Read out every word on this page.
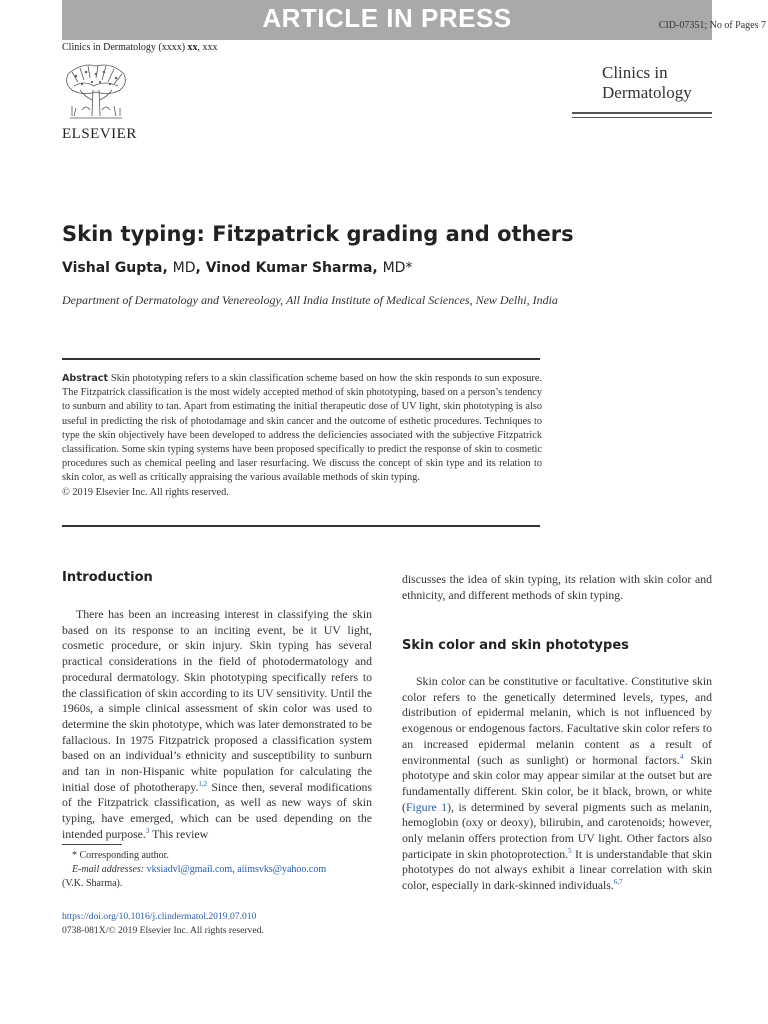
ARTICLE IN PRESS	CID-07351; No of Pages 7
Clinics in Dermatology (xxxx) xx, xxx
ELSEVIER
Clinics in
Dermatology
Skin typing: Fitzpatrick grading and others
Vishal Gupta, MD, Vinod Kumar Sharma, MD*
Department of Dermatology and Venereology, All India Institute of Medical Sciences, New Delhi, India
Abstract Skin phototyping refers to a skin classification scheme based on how the skin responds to sun exposure. The Fitzpatrick classification is the most widely accepted method of skin phototyping, based on a person’s tendency to sunburn and ability to tan. Apart from estimating the initial therapeutic dose of UV light, skin phototyping is also useful in predicting the risk of photodamage and skin cancer and the outcome of esthetic procedures. Techniques to type the skin objectively have been developed to address the deficiencies associated with the subjective Fitzpatrick classification. Some skin typing systems have been proposed specifically to predict the response of skin to cosmetic procedures such as chemical peeling and laser resurfacing. We discuss the concept of skin type and its relation to skin color, as well as critically appraising the various available methods of skin typing.
© 2019 Elsevier Inc. All rights reserved.
Introduction

There has been an increasing interest in classifying the skin based on its response to an inciting event, be it UV light, cosmetic procedure, or skin injury. Skin typing has several practical considerations in the field of photodermatology and procedural dermatology. Skin phototyping specifically refers to the classification of skin according to its UV sensitivity. Until the 1960s, a simple clinical assessment of skin color was used to determine the skin phototype, which was later demonstrated to be fallacious. In 1975 Fitzpatrick proposed a classification system based on an individual’s ethnicity and susceptibility to sunburn and tan in non-Hispanic white population for calculating the initial dose of phototherapy.$^{1,2}$ Since then, several modifications of the Fitzpatrick classification, as well as new ways of skin typing, have emerged, which can be used depending on the intended purpose.$^3$ This review

discusses the idea of skin typing, its relation with skin color and ethnicity, and different methods of skin typing.

Skin color and skin phototypes

Skin color can be constitutive or facultative. Constitutive skin color refers to the genetically determined levels, types, and distribution of epidermal melanin, which is not influenced by exogenous or endogenous factors. Facultative skin color refers to an increased epidermal melanin content as a result of environmental (such as sunlight) or hormonal factors.$^4$ Skin phototype and skin color may appear similar at the outset but are fundamentally different. Skin color, be it black, brown, or white (Figure 1), is determined by several pigments such as melanin, hemoglobin (oxy or deoxy), bilirubin, and carotenoids; however, only melanin offers protection from UV light. Other factors also participate in skin photoprotection.$^5$ It is understandable that skin phototypes do not always exhibit a linear correlation with skin color, especially in dark-skinned individuals.$^{6,7}$

* Corresponding author.
E-mail addresses: vksiadvl@gmail.com, aiimsvks@yahoo.com
(V.K. Sharma).
https://doi.org/10.1016/j.clindermatol.2019.07.010
0738-081X/© 2019 Elsevier Inc. All rights reserved.
